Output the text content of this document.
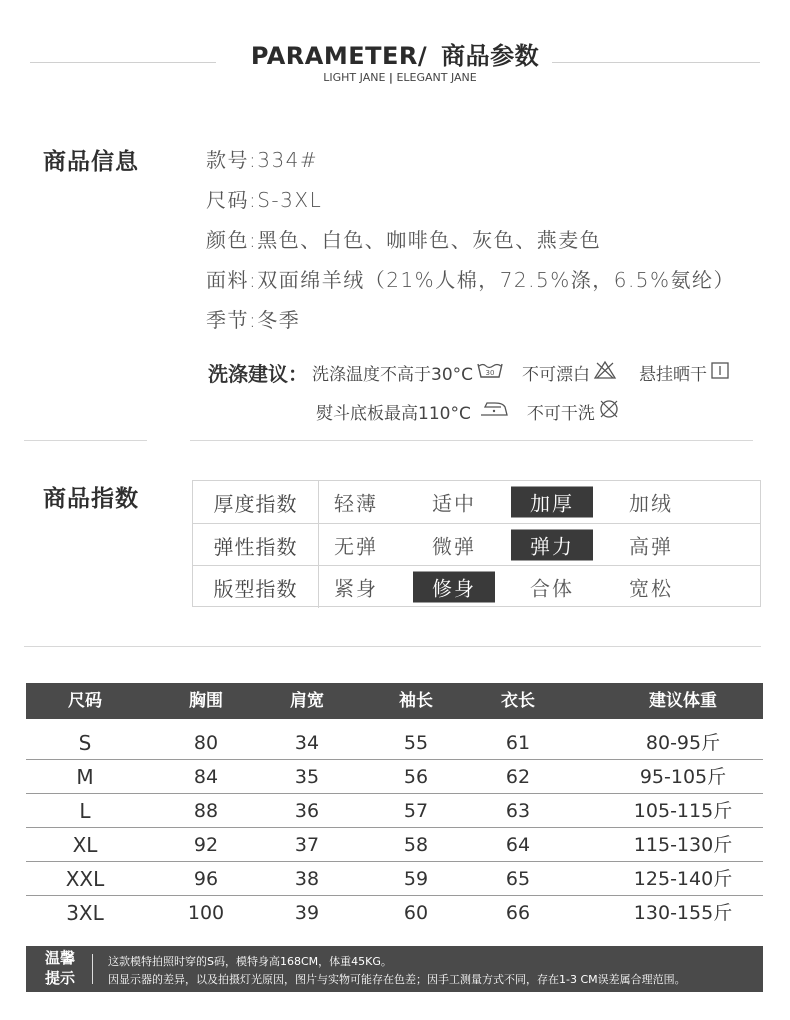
PARAMETER/ 商品参数
LIGHT JANE | ELEGANT JANE
商品信息	款号:334#
尺码:S-3XL
颜色:黑色、白色、咖啡色、灰色、燕麦色
面料:双面绵羊绒（21%人棉，72.5%涤，6.5%氨纶）
季节:冬季
洗涤建议： 洗涤温度不高于30°C 30 不可漂白	悬挂晒干
熨斗底板最高110°C	不可干洗
商品指数	厚度指数	轻薄	适中	加厚	加绒
弹性指数	无弹	微弹	弹力	高弹
版型指数	紧身	修身	合体	宽松
尺码	胸围	肩宽	袖长	衣长	建议体重
S	80	34	55	61	80-95斤
M	84	35	56	62	95-105斤
L	88	36	57	63	105-115斤
XL	92	37	58	64	115-130斤
XXL	96	38	59	65	125-140斤
3XL	100	39	60	66	130-155斤
温馨
提示
这款模特拍照时穿的S码，模特身高168CM，体重45KG。
因显示器的差异，以及拍摄灯光原因，图片与实物可能存在色差；因手工测量方式不同，存在1-3 CM误差属合理范围。
